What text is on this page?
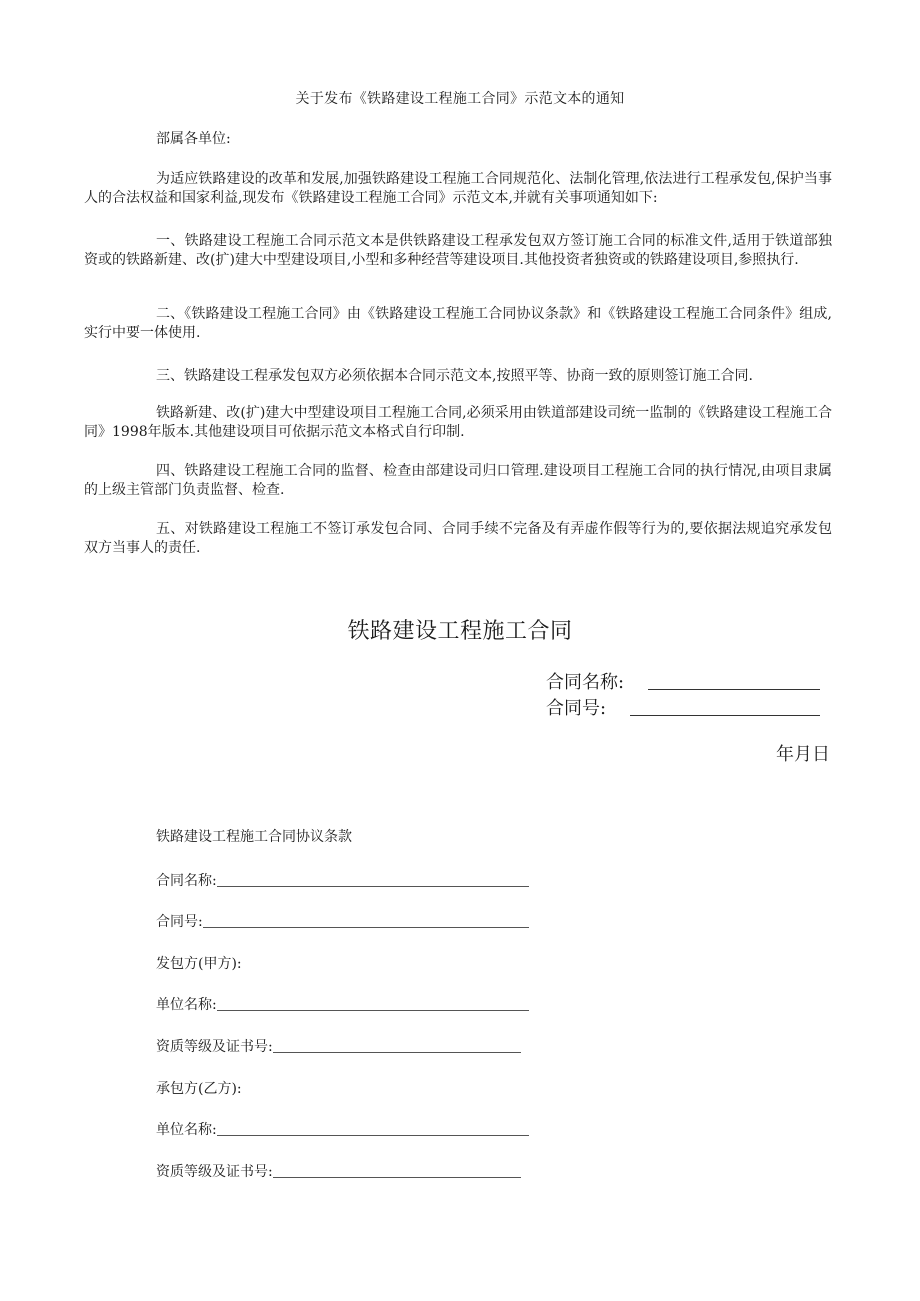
关于发布《铁路建设工程施工合同》示范文本的通知
部属各单位:

为适应铁路建设的改革和发展,加强铁路建设工程施工合同规范化、法制化管理,依法进行工程承发包,保护当事人的合法权益和国家利益,现发布《铁路建设工程施工合同》示范文本,并就有关事项通知如下:

一、铁路建设工程施工合同示范文本是供铁路建设工程承发包双方签订施工合同的标准文件,适用于铁道部独资或的铁路新建、改(扩)建大中型建设项目,小型和多种经营等建设项目.其他投资者独资或的铁路建设项目,参照执行.

二、《铁路建设工程施工合同》由《铁路建设工程施工合同协议条款》和《铁路建设工程施工合同条件》组成,实行中要一体使用.

三、铁路建设工程承发包双方必须依据本合同示范文本,按照平等、协商一致的原则签订施工合同.

铁路新建、改(扩)建大中型建设项目工程施工合同,必须采用由铁道部建设司统一监制的《铁路建设工程施工合同》1998年版本.其他建设项目可依据示范文本格式自行印制.

四、铁路建设工程施工合同的监督、检查由部建设司归口管理.建设项目工程施工合同的执行情况,由项目隶属的上级主管部门负责监督、检查.

五、对铁路建设工程施工不签订承发包合同、合同手续不完备及有弄虚作假等行为的,要依据法规追究承发包双方当事人的责任.

铁路建设工程施工合同
合同名称:
合同号:
年月日
铁路建设工程施工合同协议条款
合同名称:
合同号:
发包方(甲方):
单位名称:
资质等级及证书号:
承包方(乙方):
单位名称:
资质等级及证书号:
